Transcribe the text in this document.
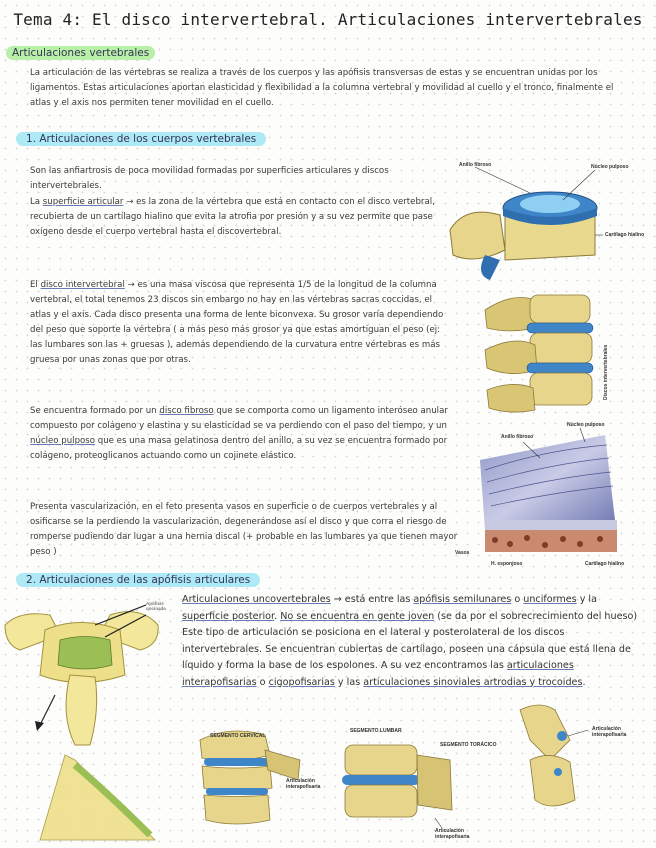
Tema 4: El disco intervertebral. Articulaciones intervertebrales
Articulaciones vertebrales
La articulación de las vértebras se realiza a través de los cuerpos y las apófisis transversas de estas y se encuentran unidas por los ligamentos. Estas articulaciones aportan elasticidad y flexibilidad a la columna vertebral y movilidad al cuello y el tronco, finalmente el atlas y el axis nos permiten tener movilidad en el cuello.
1. Articulaciones de los cuerpos vertebrales
Son las anfiartrosis de poca movilidad formadas por superficies articulares y discos intervertebrales.
La superficie articular → es la zona de la vértebra que está en contacto con el disco vertebral, recubierta de un cartílago hialino que evita la atrofia por presión y a su vez permite que pase oxígeno desde el cuerpo vertebral hasta el discovertebral.
El disco intervertebral → es una masa viscosa que representa 1/5 de la longitud de la columna vertebral, el total tenemos 23 discos sin embargo no hay en las vértebras sacras coccidas, el atlas y el axis. Cada disco presenta una forma de lente biconvexa. Su grosor varía dependiendo del peso que soporte la vértebra ( a más peso más grosor ya que estas amortiguan el peso (ej: las lumbares son las + gruesas ), además dependiendo de la curvatura entre vértebras es más gruesa por unas zonas que por otras.
Se encuentra formado por un disco fibroso que se comporta como un ligamento interóseo anular compuesto por colágeno y elastina y su elasticidad se va perdiendo con el paso del tiempo, y un núcleo pulposo que es una masa gelatinosa dentro del anillo, a su vez se encuentra formado por colágeno, proteoglicanos actuando como un cojinete elástico.
Presenta vascularización, en el feto presenta vasos en superficie o de cuerpos vertebrales y al osificarse se la perdiendo la vascularización, degenerándose así el disco y que corra el riesgo de romperse pudiendo dar lugar a una hernia discal (+ probable en las lumbares ya que tienen mayor peso )
2. Articulaciones de las apófisis articulares
Articulaciones uncovertebrales → está entre las apófisis semilunares o unciformes y la superficie posterior. No se encuentra en gente joven (se da por el sobrecrecimiento del hueso) Este tipo de articulación se posiciona en el lateral y posterolateral de los discos intervertebrales. Se encuentran cubiertas de cartílago, poseen una cápsula que está llena de líquido y forma la base de los espolones. A su vez encontramos las articulaciones interapofisarias o cigopofisarias y las articulaciones sinoviales artrodias y trocoides.
Anillo fibroso	Núcleo pulposo
Cartílago hialino
Discos intervertebrales
Anillo fibroso
Núcleo pulposo
Vasos
H. esponjoso	Cartílago hialino
Apófisis uncinada
SEGMENTO CERVICAL
SEGMENTO LUMBAR
SEGMENTO TORÁCICO
Articulación interapofisaria
Articulación interapofisaria
Articulación interapofisaria
